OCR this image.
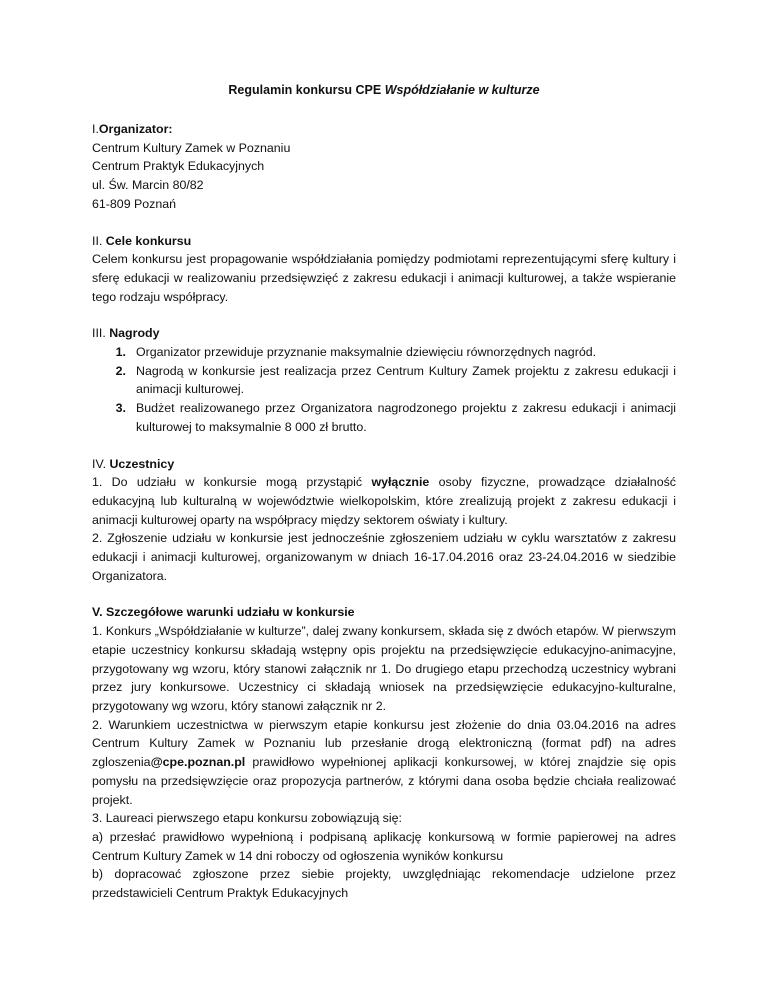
Regulamin konkursu CPE Współdziałanie w kulturze

I.Organizator:

Centrum Kultury Zamek w Poznaniu

Centrum Praktyk Edukacyjnych

ul. Św. Marcin 80/82

61-809 Poznań

II. Cele konkursu

Celem konkursu jest propagowanie współdziałania pomiędzy podmiotami reprezentującymi sferę kultury i sferę edukacji w realizowaniu przedsięwzięć z zakresu edukacji i animacji kulturowej, a także wspieranie tego rodzaju współpracy.

III. Nagrody

1. Organizator przewiduje przyznanie maksymalnie dziewięciu równorzędnych nagród.
2. Nagrodą w konkursie jest realizacja przez Centrum Kultury Zamek projektu z zakresu edukacji i animacji kulturowej.
3. Budżet realizowanego przez Organizatora nagrodzonego projektu z zakresu edukacji i animacji kulturowej to maksymalnie 8 000 zł brutto.

IV. Uczestnicy

1. Do udziału w konkursie mogą przystąpić wyłącznie osoby fizyczne, prowadzące działalność edukacyjną lub kulturalną w województwie wielkopolskim, które zrealizują projekt z zakresu edukacji i animacji kulturowej oparty na współpracy między sektorem oświaty i kultury.

2. Zgłoszenie udziału w konkursie jest jednocześnie zgłoszeniem udziału w cyklu warsztatów z zakresu edukacji i animacji kulturowej, organizowanym w dniach 16-17.04.2016 oraz 23-24.04.2016 w siedzibie Organizatora.

V. Szczegółowe warunki udziału w konkursie

1. Konkurs „Współdziałanie w kulturze”, dalej zwany konkursem, składa się z dwóch etapów. W pierwszym etapie uczestnicy konkursu składają wstępny opis projektu na przedsięwzięcie edukacyjno-animacyjne, przygotowany wg wzoru, który stanowi załącznik nr 1. Do drugiego etapu przechodzą uczestnicy wybrani przez jury konkursowe. Uczestnicy ci składają wniosek na przedsięwzięcie edukacyjno-kulturalne, przygotowany wg wzoru, który stanowi załącznik nr 2.

2. Warunkiem uczestnictwa w pierwszym etapie konkursu jest złożenie do dnia 03.04.2016 na adres Centrum Kultury Zamek w Poznaniu lub przesłanie drogą elektroniczną (format pdf) na adres zgloszenia@cpe.poznan.pl prawidłowo wypełnionej aplikacji konkursowej, w której znajdzie się opis pomysłu na przedsięwzięcie oraz propozycja partnerów, z którymi dana osoba będzie chciała realizować projekt.

3. Laureaci pierwszego etapu konkursu zobowiązują się:

a) przesłać prawidłowo wypełnioną i podpisaną aplikację konkursową w formie papierowej na adres Centrum Kultury Zamek w 14 dni roboczy od ogłoszenia wyników konkursu

b) dopracować zgłoszone przez siebie projekty, uwzględniając rekomendacje udzielone przez przedstawicieli Centrum Praktyk Edukacyjnych
